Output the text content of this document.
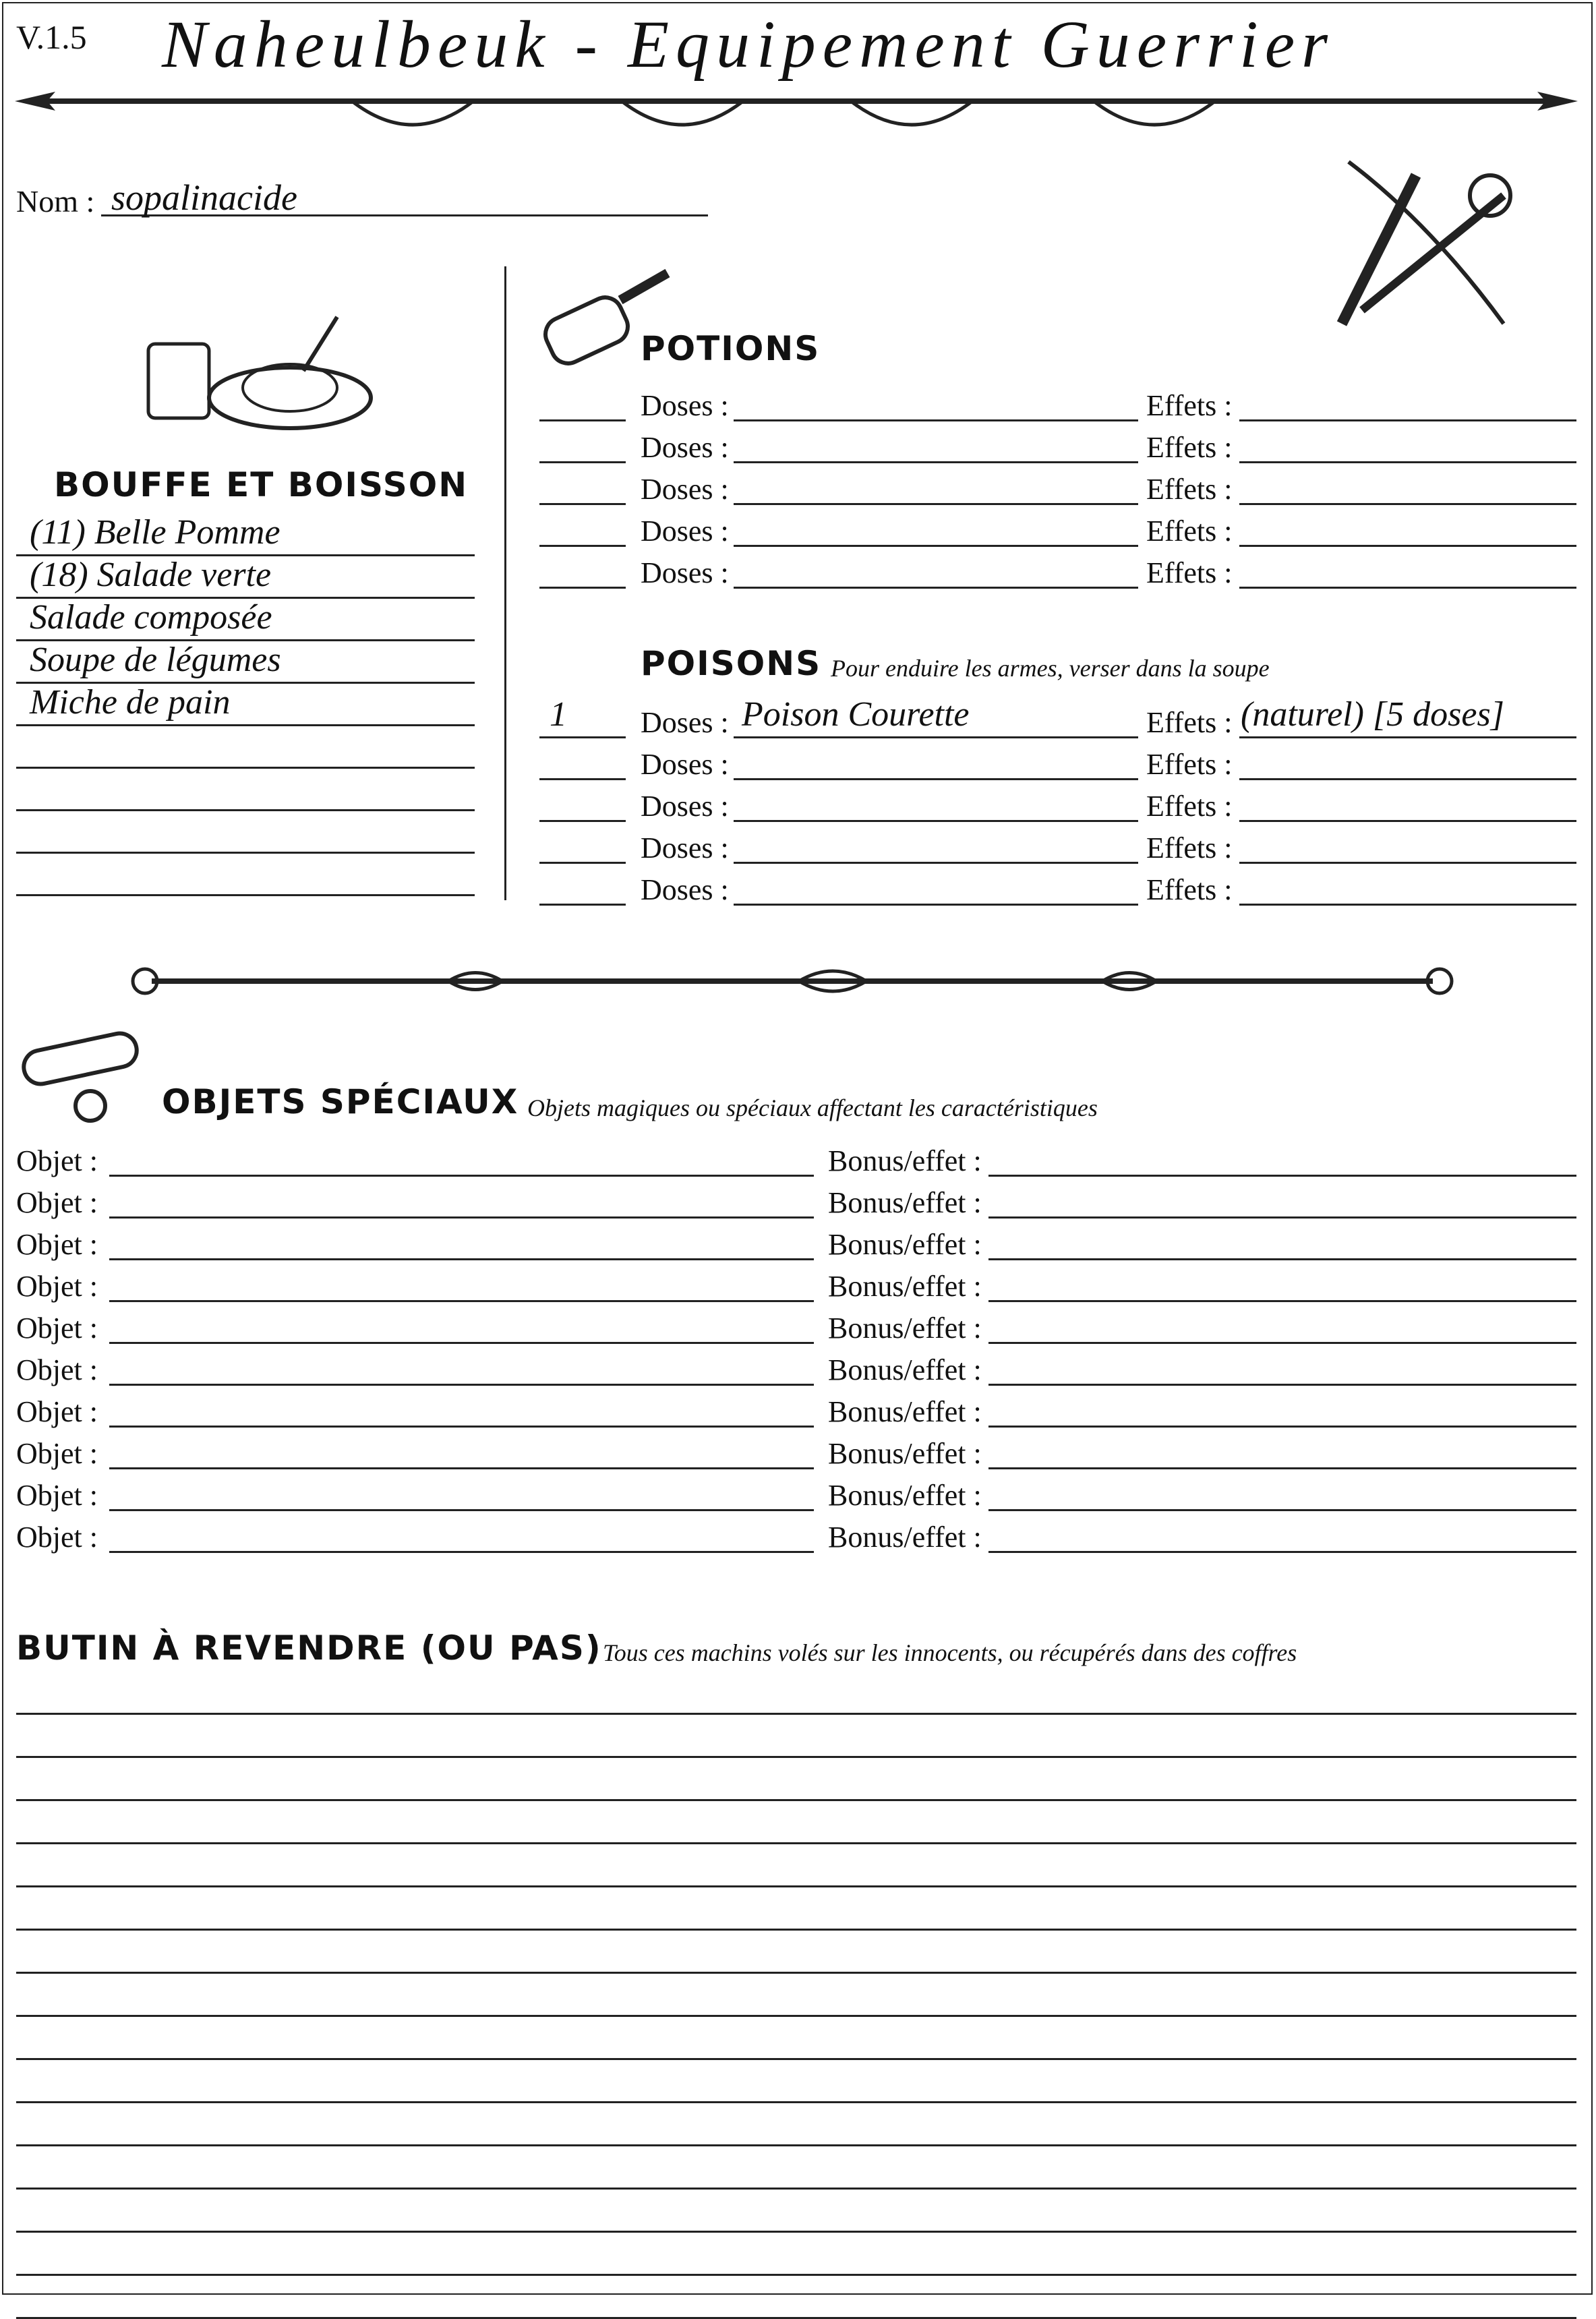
V.1.5 Naheulbeuk - Equipement Guerrier
Nom : sopalinacide
BOUFFE ET BOISSON
(11) Belle Pomme
(18) Salade verte
Salade composée
Soupe de légumes
Miche de pain
POTIONS
Doses :	Effets :
Doses :	Effets :
Doses :	Effets :
Doses :	Effets :
Doses :	Effets :
POISONS Pour enduire les armes, verser dans la soupe
1	Doses : Poison Courette	Effets : (naturel) [5 doses]
Doses :	Effets :
Doses :	Effets :
Doses :	Effets :
Doses :	Effets :
OBJETS SPÉCIAUX Objets magiques ou spéciaux affectant les caractéristiques
Objet :	Bonus/effet :
Objet :	Bonus/effet :
Objet :	Bonus/effet :
Objet :	Bonus/effet :
Objet :	Bonus/effet :
Objet :	Bonus/effet :
Objet :	Bonus/effet :
Objet :	Bonus/effet :
Objet :	Bonus/effet :
Objet :	Bonus/effet :
BUTIN À REVENDRE (OU PAS) Tous ces machins volés sur les innocents, ou récupérés dans des coffres
